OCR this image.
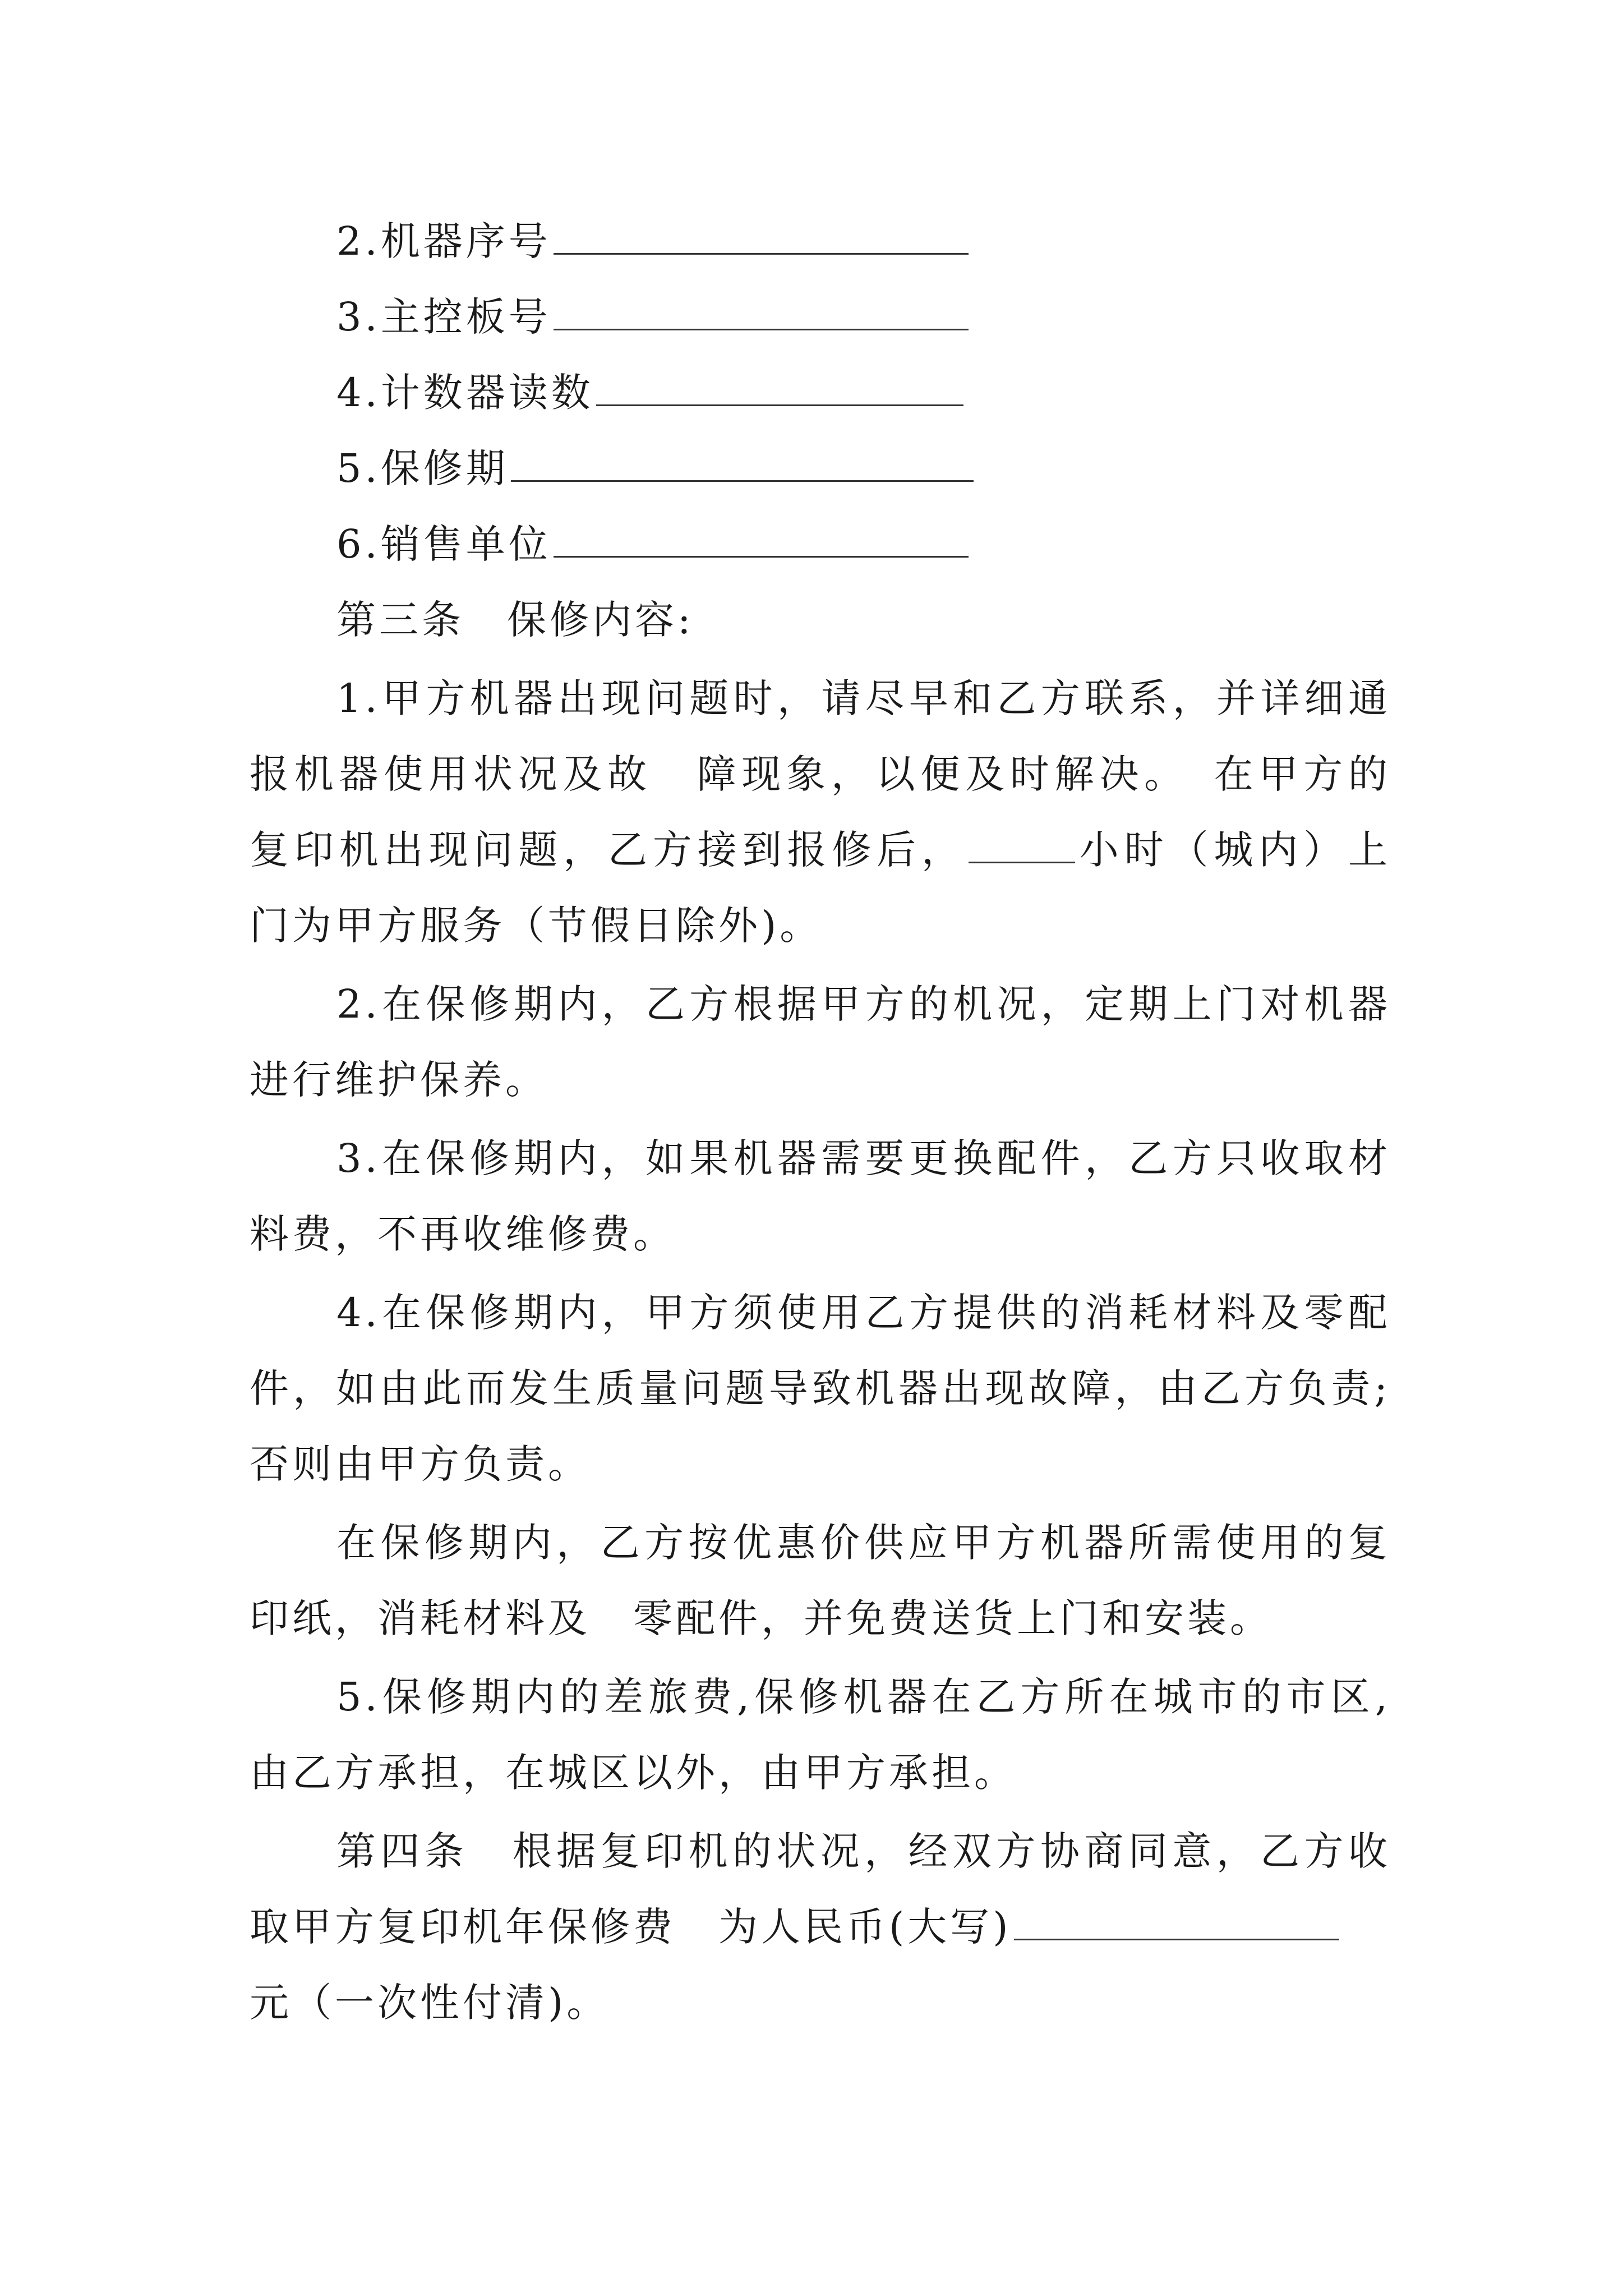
2.机器序号
3.主控板号
4.计数器读数
5.保修期
6.销售单位
第三条　保修内容:
1.甲方机器出现问题时，请尽早和乙方联系，并详细通
报机器使用状况及故　障现象，以便及时解决。　在甲方的
复印机出现问题，乙方接到报修后，	小时（城内）上
门为甲方服务（节假日除外)。
2.在保修期内，乙方根据甲方的机况，定期上门对机器
进行维护保养。
3.在保修期内，如果机器需要更换配件，乙方只收取材
料费，不再收维修费。
4.在保修期内，甲方须使用乙方提供的消耗材料及零配
件，如由此而发生质量问题导致机器出现故障，由乙方负责;
否则由甲方负责。
在保修期内，乙方按优惠价供应甲方机器所需使用的复
印纸，消耗材料及　零配件，并免费送货上门和安装。
5.保修期内的差旅费,保修机器在乙方所在城市的市区,
由乙方承担，在城区以外，由甲方承担。
第四条　根据复印机的状况，经双方协商同意，乙方收
取甲方复印机年保修费　为人民币(大写)
元（一次性付清)。
